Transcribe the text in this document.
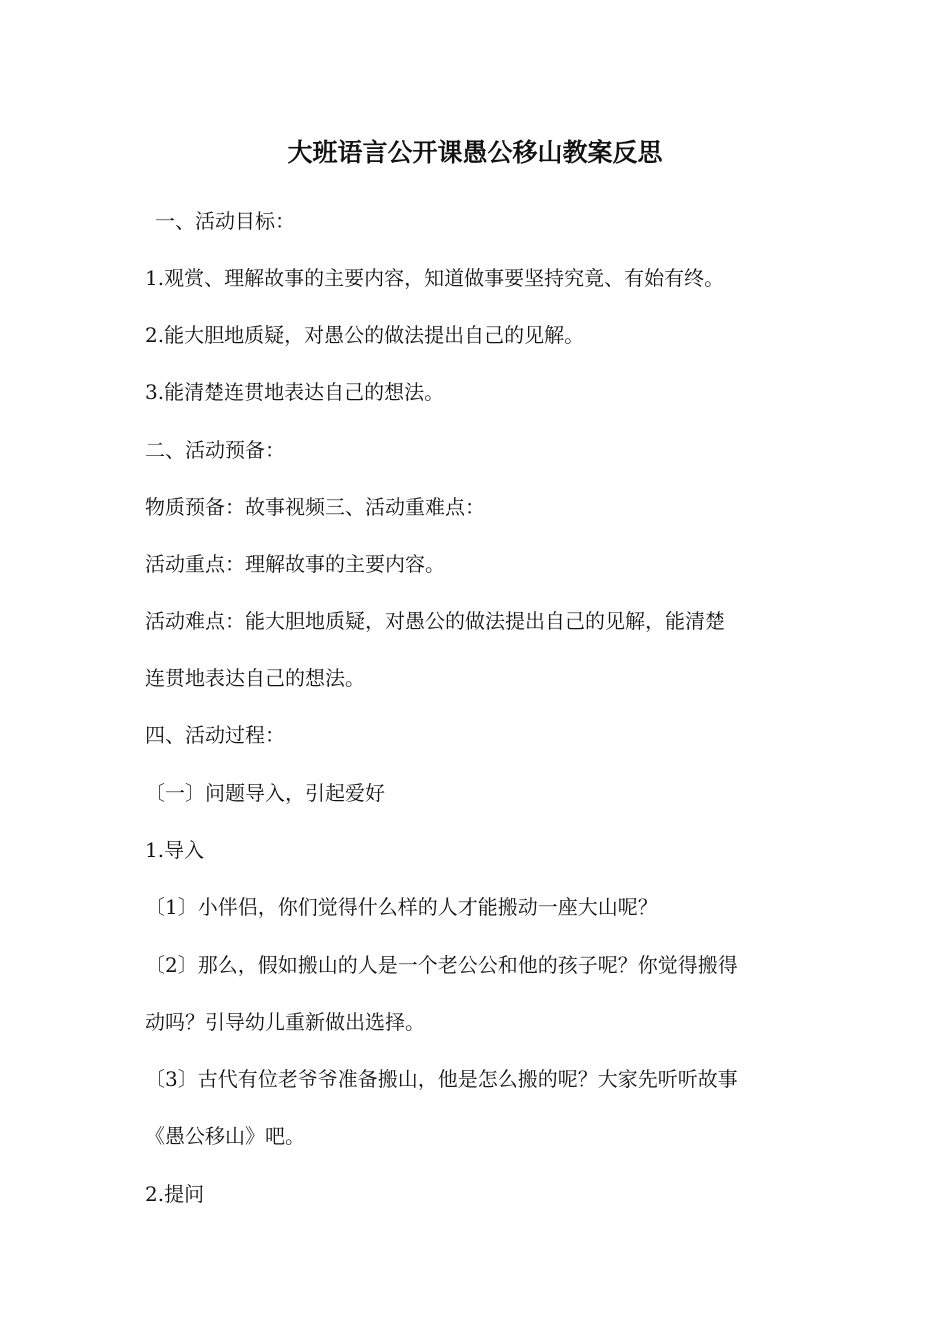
大班语言公开课愚公移山教案反思

一、活动目标：

1.观赏、理解故事的主要内容，知道做事要坚持究竟、有始有终。

2.能大胆地质疑，对愚公的做法提出自己的见解。

3.能清楚连贯地表达自己的想法。

二、活动预备：

物质预备：故事视频三、活动重难点：

活动重点：理解故事的主要内容。

活动难点：能大胆地质疑，对愚公的做法提出自己的见解，能清楚

连贯地表达自己的想法。

四、活动过程：

〔一〕问题导入，引起爱好

1.导入

〔1〕小伴侣，你们觉得什么样的人才能搬动一座大山呢？

〔2〕那么，假如搬山的人是一个老公公和他的孩子呢？你觉得搬得

动吗？引导幼儿重新做出选择。

〔3〕古代有位老爷爷准备搬山，他是怎么搬的呢？大家先听听故事

《愚公移山》吧。

2.提问
